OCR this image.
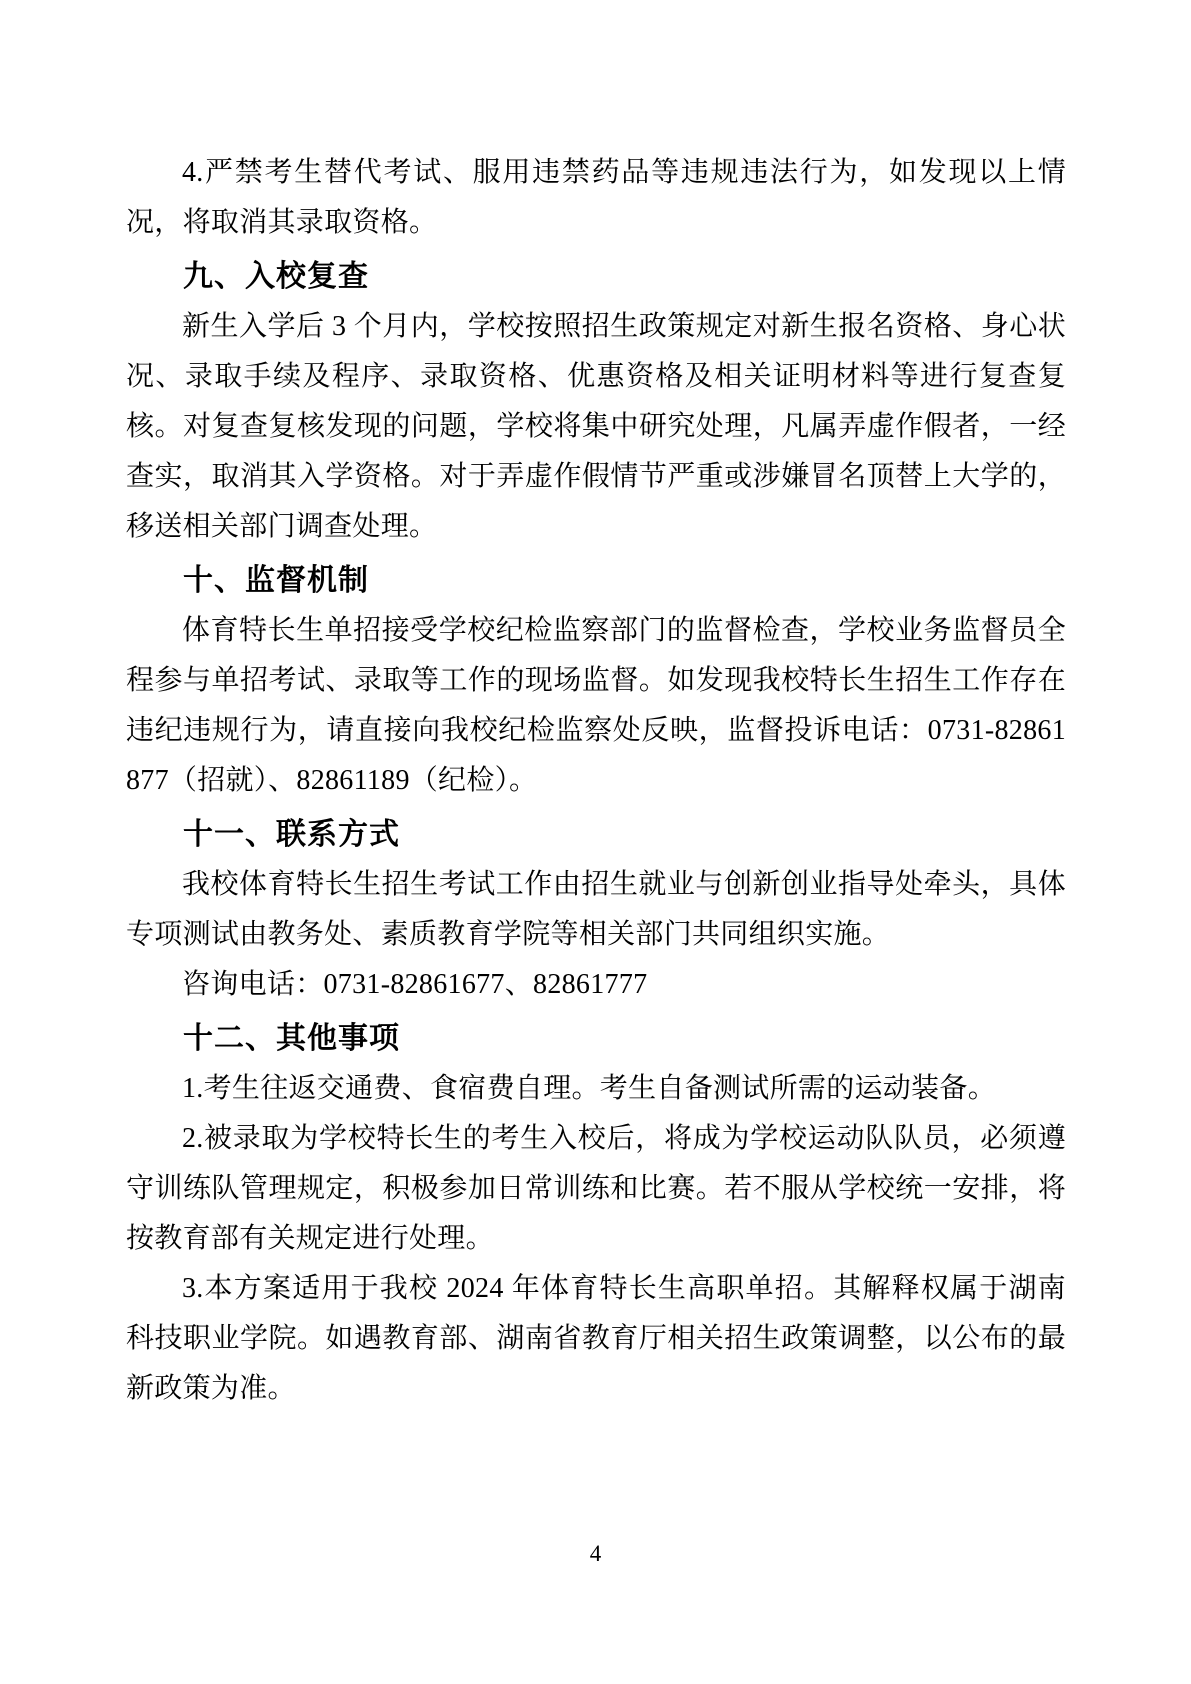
4.严禁考生替代考试、服用违禁药品等违规违法行为，如发现以上情况，将取消其录取资格。

九、入校复查

新生入学后 3 个月内，学校按照招生政策规定对新生报名资格、身心状况、录取手续及程序、录取资格、优惠资格及相关证明材料等进行复查复核。对复查复核发现的问题，学校将集中研究处理，凡属弄虚作假者，一经查实，取消其入学资格。对于弄虚作假情节严重或涉嫌冒名顶替上大学的，移送相关部门调查处理。

十、监督机制

体育特长生单招接受学校纪检监察部门的监督检查，学校业务监督员全程参与单招考试、录取等工作的现场监督。如发现我校特长生招生工作存在违纪违规行为，请直接向我校纪检监察处反映，监督投诉电话：0731-82861877（招就）、82861189（纪检）。

十一、联系方式

我校体育特长生招生考试工作由招生就业与创新创业指导处牵头，具体专项测试由教务处、素质教育学院等相关部门共同组织实施。

咨询电话：0731-82861677、82861777

十二、其他事项

1.考生往返交通费、食宿费自理。考生自备测试所需的运动装备。

2.被录取为学校特长生的考生入校后，将成为学校运动队队员，必须遵守训练队管理规定，积极参加日常训练和比赛。若不服从学校统一安排，将按教育部有关规定进行处理。

3.本方案适用于我校 2024 年体育特长生高职单招。其解释权属于湖南科技职业学院。如遇教育部、湖南省教育厅相关招生政策调整，以公布的最新政策为准。

4
